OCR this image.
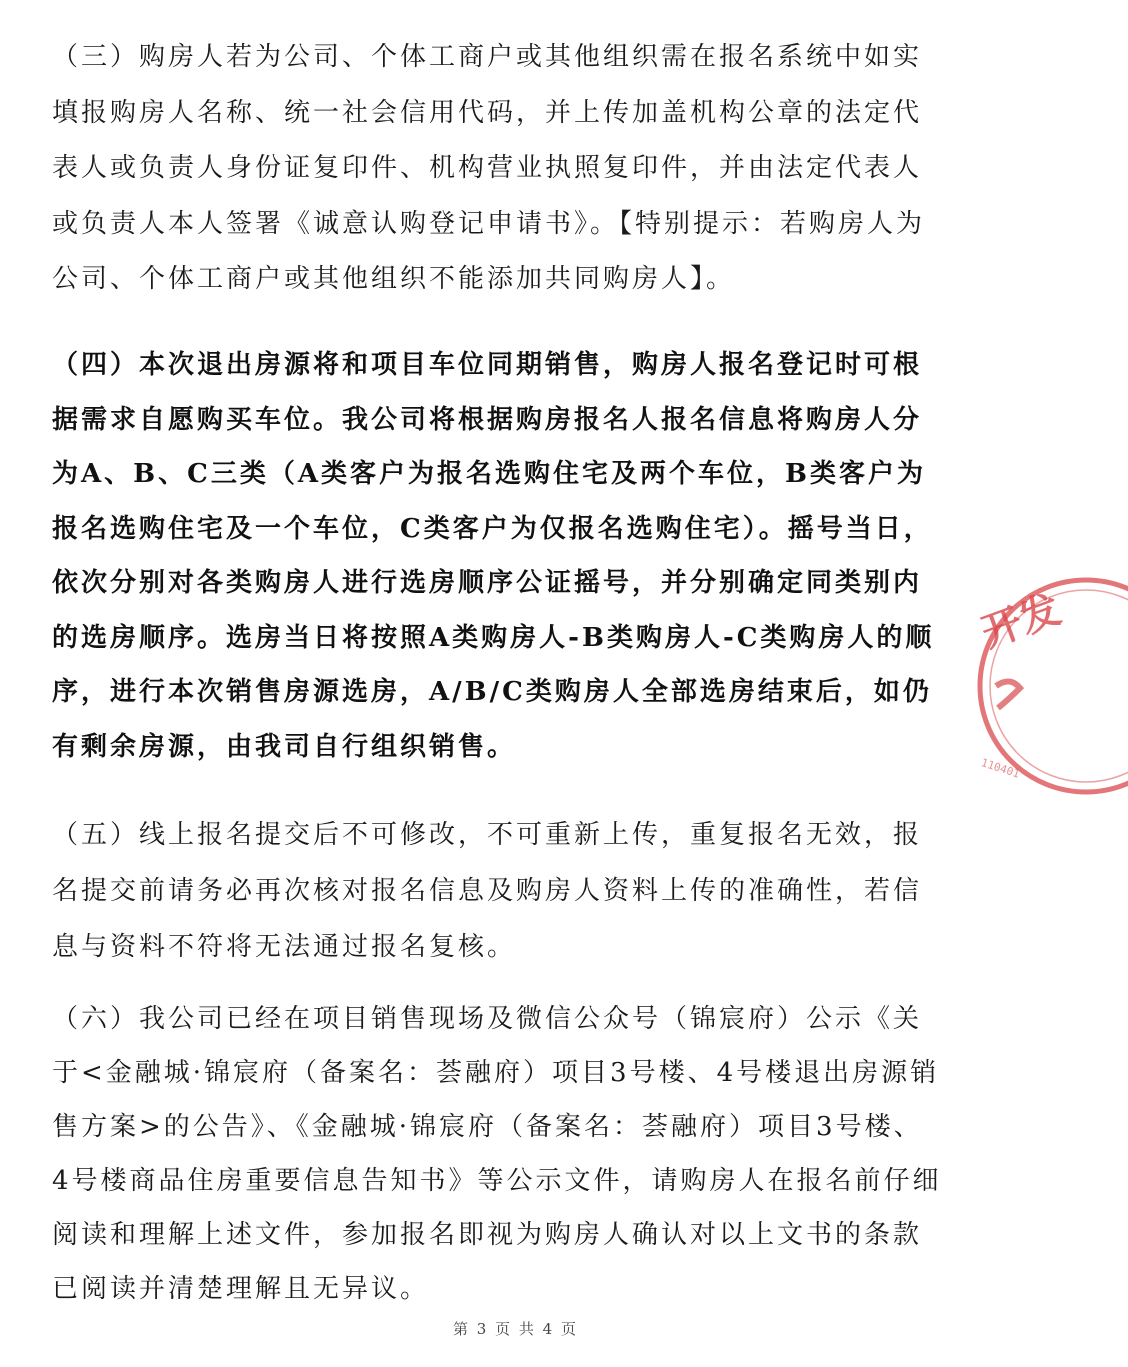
（三）购房人若为公司、个体工商户或其他组织需在报名系统中如实填报购房人名称、统一社会信用代码，并上传加盖机构公章的法定代表人或负责人身份证复印件、机构营业执照复印件，并由法定代表人或负责人本人签署《诚意认购登记申请书》。【特别提示：若购房人为公司、个体工商户或其他组织不能添加共同购房人】。

（四）本次退出房源将和项目车位同期销售，购房人报名登记时可根据需求自愿购买车位。我公司将根据购房报名人报名信息将购房人分为A、B、C三类（A类客户为报名选购住宅及两个车位，B类客户为报名选购住宅及一个车位，C类客户为仅报名选购住宅）。摇号当日，依次分别对各类购房人进行选房顺序公证摇号，并分别确定同类别内的选房顺序。选房当日将按照A类购房人-B类购房人-C类购房人的顺序，进行本次销售房源选房，A/B/C类购房人全部选房结束后，如仍有剩余房源，由我司自行组织销售。

（五）线上报名提交后不可修改，不可重新上传，重复报名无效，报名提交前请务必再次核对报名信息及购房人资料上传的准确性，若信息与资料不符将无法通过报名复核。

（六）我公司已经在项目销售现场及微信公众号（锦宸府）公示《关于<金融城·锦宸府（备案名：荟融府）项目3号楼、4号楼退出房源销售方案>的公告》、《金融城·锦宸府（备案名：荟融府）项目3号楼、4号楼商品住房重要信息告知书》等公示文件，请购房人在报名前仔细阅读和理解上述文件，参加报名即视为购房人确认对以上文书的条款已阅读并清楚理解且无异议。

开发
110401
第 3 页 共 4 页
